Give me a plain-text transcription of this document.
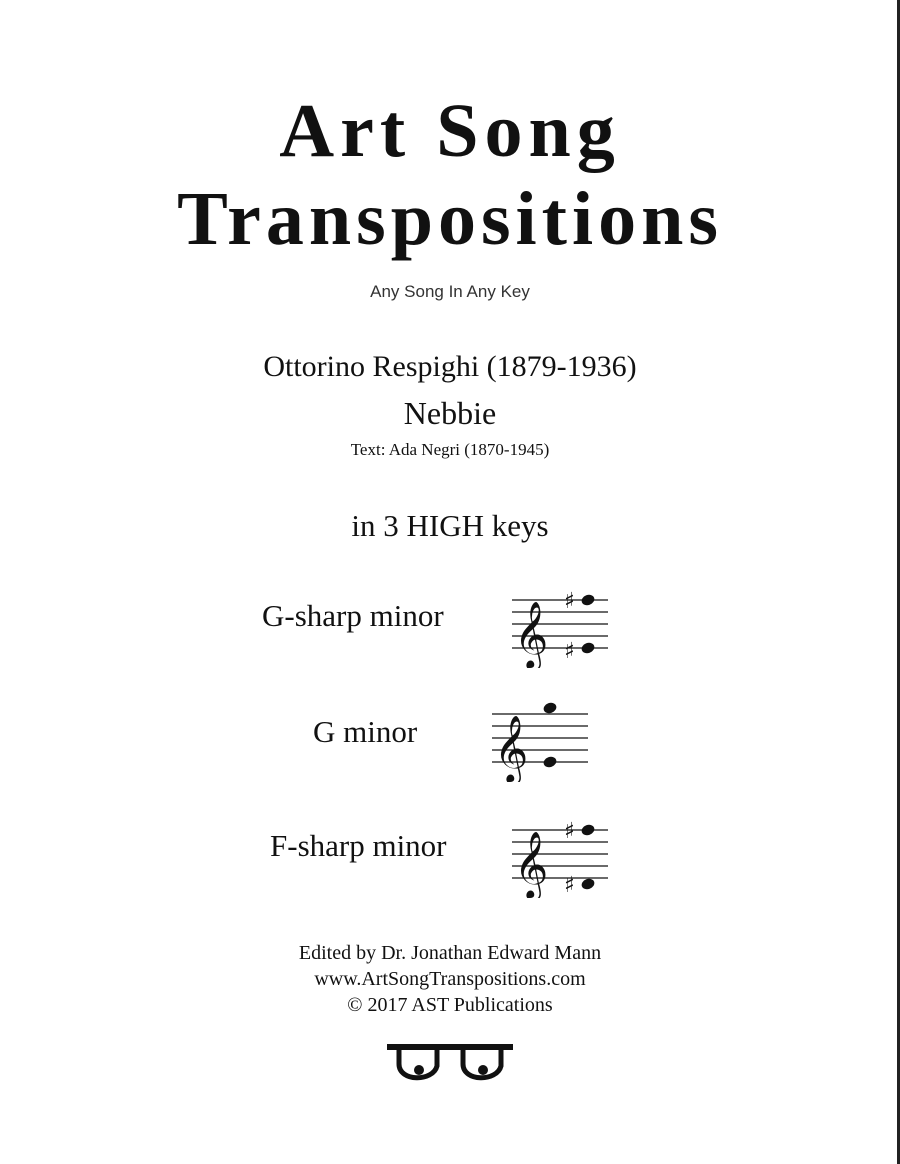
Art Song
Transpositions
Any Song In Any Key
Ottorino Respighi (1879-1936)
Nebbie
Text: Ada Negri (1870-1945)
in 3 HIGH keys
G-sharp minor 𝄞 ♯
♯
G minor 𝄞
F-sharp minor 𝄞 ♯
♯
Edited by Dr. Jonathan Edward Mann
www.ArtSongTranspositions.com
© 2017 AST Publications
